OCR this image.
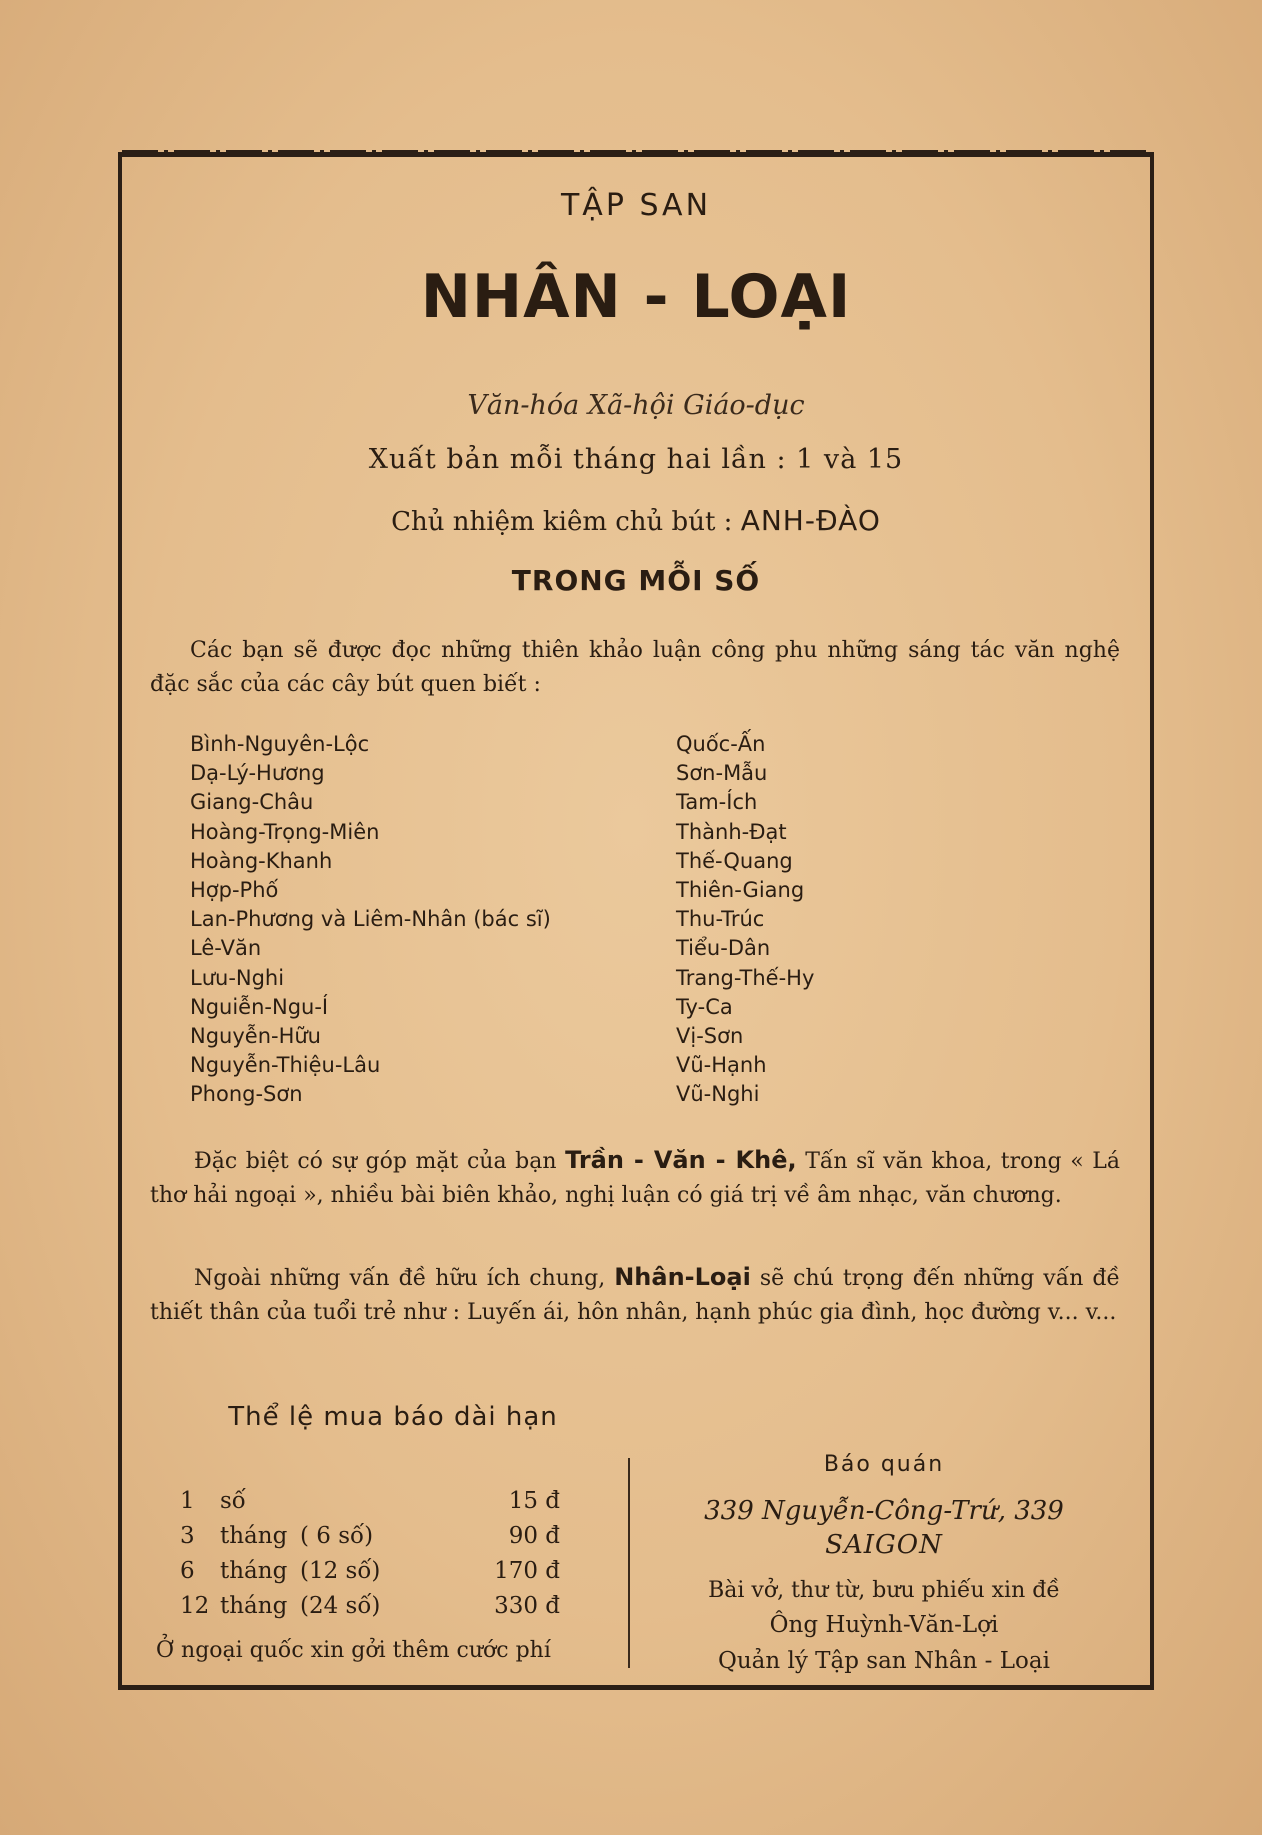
TẬP SAN
NHÂN - LOẠI
Văn-hóa Xã-hội Giáo-dục
Xuất bản mỗi tháng hai lần : 1 và 15
Chủ nhiệm kiêm chủ bút : ANH-ĐÀO
TRONG MỖI SỐ
Các bạn sẽ được đọc những thiên khảo luận công phu những sáng tác văn nghệ đặc sắc của các cây bút quen biết :
Bình-Nguyên-Lộc
Dạ-Lý-Hương
Giang-Châu
Hoàng-Trọng-Miên
Hoàng-Khanh
Hợp-Phố
Lan-Phương và Liêm-Nhân (bác sĩ)
Lê-Văn
Lưu-Nghi
Nguiễn-Ngu-Í
Nguyễn-Hữu
Nguyễn-Thiệu-Lâu
Phong-Sơn
Quốc-Ấn
Sơn-Mẫu
Tam-Ích
Thành-Đạt
Thế-Quang
Thiên-Giang
Thu-Trúc
Tiểu-Dân
Trang-Thế-Hy
Ty-Ca
Vị-Sơn
Vũ-Hạnh
Vũ-Nghi
Đặc biệt có sự góp mặt của bạn Trần - Văn - Khê, Tấn sĩ văn khoa, trong « Lá thơ hải ngoại », nhiều bài biên khảo, nghị luận có giá trị về âm nhạc, văn chương.
Ngoài những vấn đề hữu ích chung, Nhân-Loại sẽ chú trọng đến những vấn đề thiết thân của tuổi trẻ như : Luyến ái, hôn nhân, hạnh phúc gia đình, học đường v... v...
Thể lệ mua báo dài hạn
1	số		15 đ
3	tháng	( 6 số)	90 đ
6	tháng	(12 số)	170 đ
12	tháng	(24 số)	330 đ
Ở ngoại quốc xin gởi thêm cước phí
Báo quán
339 Nguyễn-Công-Trứ, 339
SAIGON
Bài vở, thư từ, bưu phiếu xin đề
Ông Huỳnh-Văn-Lợi
Quản lý Tập san Nhân - Loại
